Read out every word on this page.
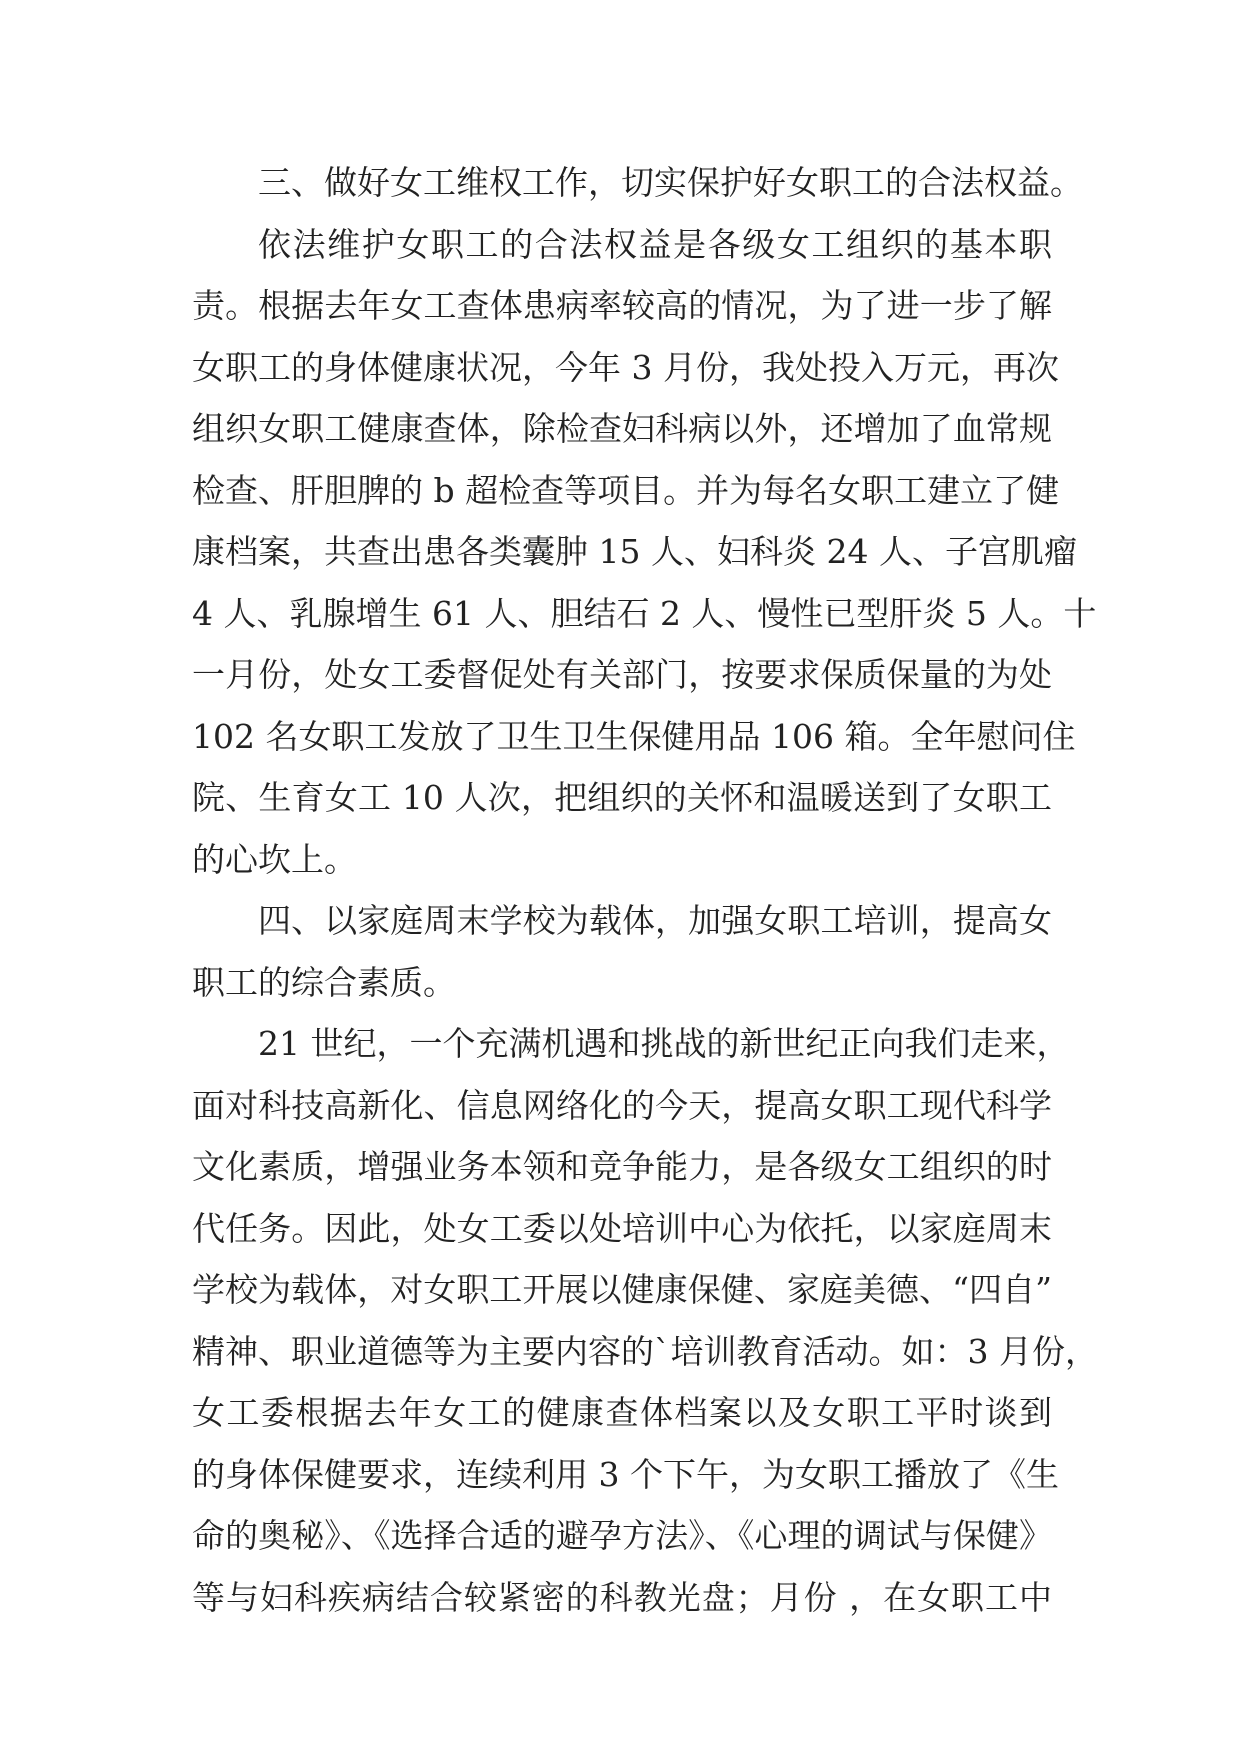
三、做好女工维权工作，切实保护好女职工的合法权益。
依法维护女职工的合法权益是各级女工组织的基本职
责。根据去年女工查体患病率较高的情况，为了进一步了解
女职工的身体健康状况，今年 3 月份，我处投入万元，再次
组织女职工健康查体，除检查妇科病以外，还增加了血常规
检查、肝胆脾的 b 超检查等项目。并为每名女职工建立了健
康档案，共查出患各类囊肿 15 人、妇科炎 24 人、子宫肌瘤
4 人、乳腺增生 61 人、胆结石 2 人、慢性已型肝炎 5 人。十
一月份，处女工委督促处有关部门，按要求保质保量的为处
102 名女职工发放了卫生卫生保健用品 106 箱。全年慰问住
院、生育女工 10 人次，把组织的关怀和温暖送到了女职工
的心坎上。
四、以家庭周末学校为载体，加强女职工培训，提高女
职工的综合素质。
21 世纪，一个充满机遇和挑战的新世纪正向我们走来，
面对科技高新化、信息网络化的今天，提高女职工现代科学
文化素质，增强业务本领和竞争能力，是各级女工组织的时
代任务。因此，处女工委以处培训中心为依托，以家庭周末
学校为载体，对女职工开展以健康保健、家庭美德、“四自”
精神、职业道德等为主要内容的`培训教育活动。如：3 月份，
女工委根据去年女工的健康查体档案以及女职工平时谈到
的身体保健要求，连续利用 3 个下午，为女职工播放了《生
命的奥秘》、《选择合适的避孕方法》、《心理的调试与保健》
等与妇科疾病结合较紧密的科教光盘；月份 ，在女职工中
